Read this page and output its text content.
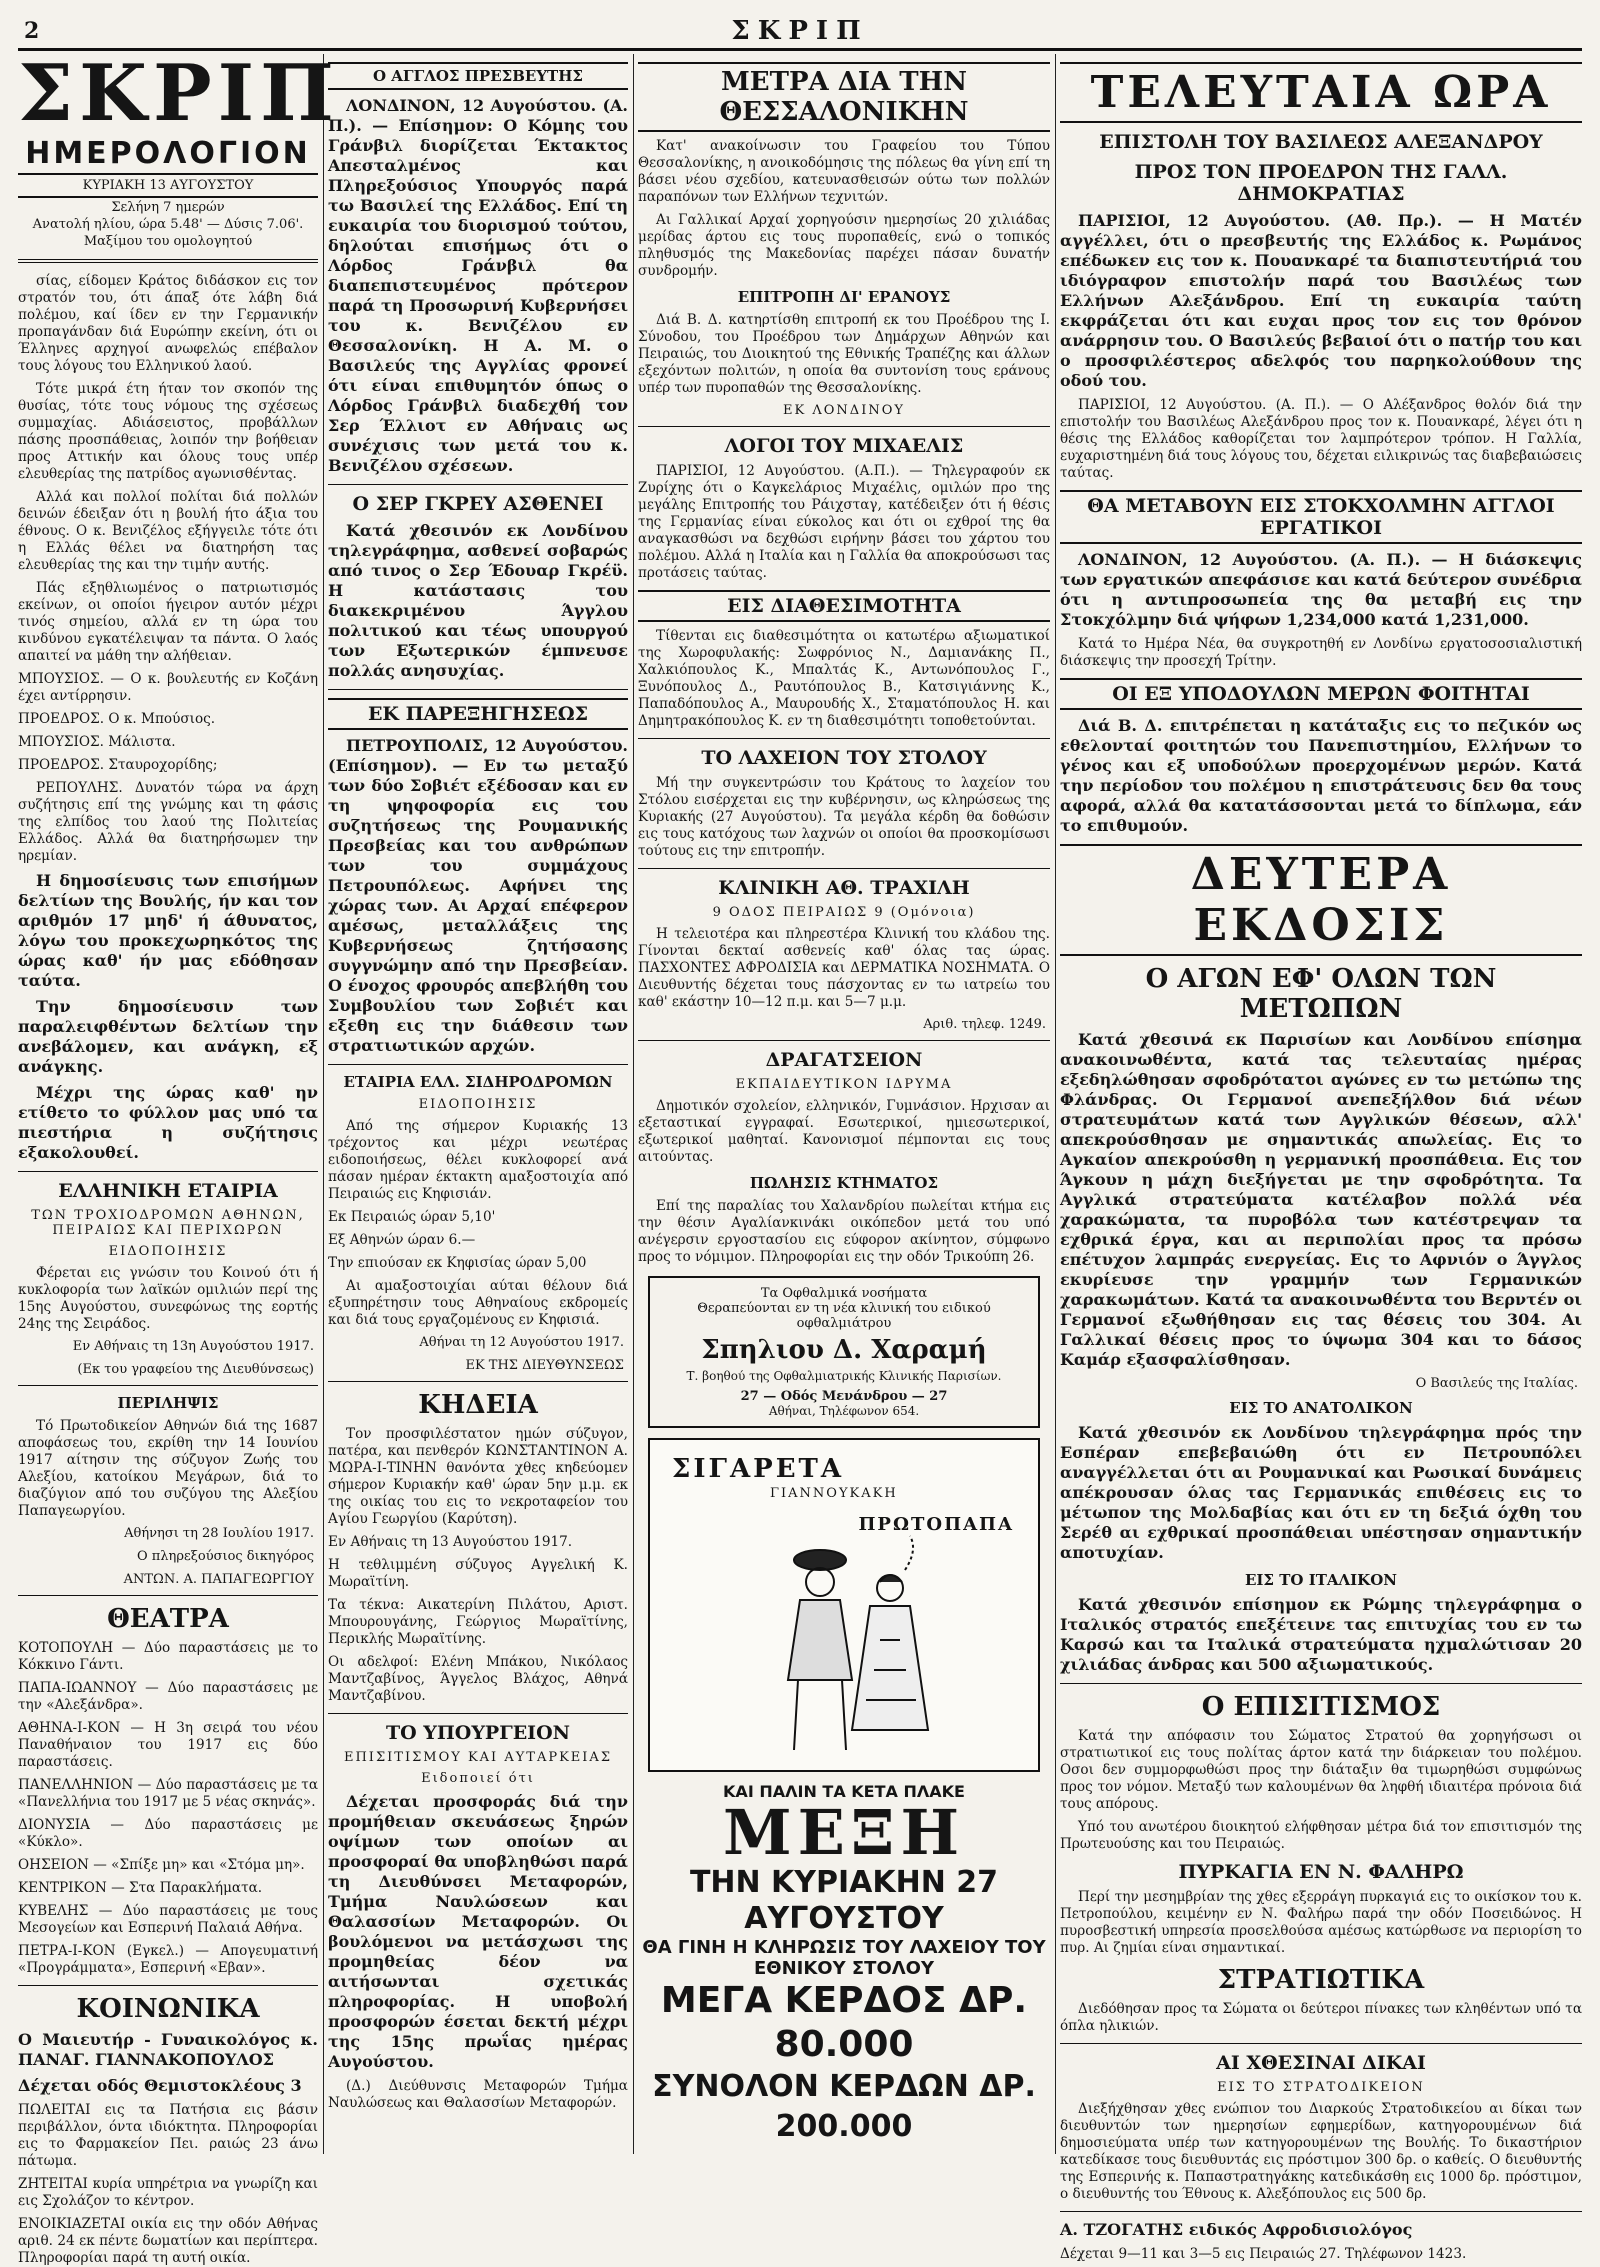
2	ΣΚΡΙΠ
ΣΚΡΙΠ
ΗΜΕΡΟΛΟΓΙΟΝ
ΚΥΡΙΑΚΗ 13 ΑΥΓΟΥΣΤΟΥ
Σελήνη 7 ημερών
Ανατολή ηλίου, ώρα 5.48' — Δύσις 7.06'.
Μαξίμου του ομολογητού

σίας, είδομεν Κράτος διδάσκον εις τον στρατόν του, ότι άπαξ ότε λάβη διά πολέμου, καί ίδεν εν την Γερμανικήν προπαγάνδαν διά Ευρώπην εκείνη, ότι οι Έλληνες αρχηγοί ανωφελώς επέβαλον τους λόγους του Ελληνικού λαού.

Τότε μικρά έτη ήταν τον σκοπόν της θυσίας, τότε τους νόμους της σχέσεως συμμαχίας. Αδιάσειστος, προβάλλων πάσης προσπάθειας, λοιπόν την βοήθειαν προς Αττικήν και όλους τους υπέρ ελευθερίας της πατρίδος αγωνισθέντας.

Αλλά και πολλοί πολίται διά πολλών δεινών έδειξαν ότι η βουλή ήτο άξια του έθνους. Ο κ. Βενιζέλος εξήγγειλε τότε ότι η Ελλάς θέλει να διατηρήση τας ελευθερίας της και την τιμήν αυτής.

Πάς εξηθλιωμένος ο πατριωτισμός εκείνων, οι οποίοι ήγειρον αυτόν μέχρι τινός σημείου, αλλά εν τη ώρα του κινδύνου εγκατέλειψαν τα πάντα. Ο λαός απαιτεί να μάθη την αλήθειαν.

ΜΠΟΥΣΙΟΣ. — Ο κ. βουλευτής εν Κοζάνη έχει αντίρρησιν.

ΠΡΟΕΔΡΟΣ. Ο κ. Μπούσιος.

ΜΠΟΥΣΙΟΣ. Μάλιστα.

ΠΡΟΕΔΡΟΣ. Σταυροχορίδης;

ΡΕΠΟΥΛΗΣ. Δυνατόν τώρα να άρχη συζήτησις επί της γνώμης και τη φάσις της ελπίδος του λαού της Πολιτείας Ελλάδος. Αλλά θα διατηρήσωμεν την ηρεμίαν.

Η δημοσίευσις των επισήμων δελτίων της Βουλής, ήν και τον αριθμόν 17 μηδ' ή άθυνατος, λόγω του προκεχωρηκότος της ώρας καθ' ήν μας εδόθησαν ταύτα.

Την δημοσίευσιν των παραλειφθέντων δελτίων την ανεβάλομεν, και ανάγκη, εξ ανάγκης.

Μέχρι της ώρας καθ' ην ετίθετο το φύλλον μας υπό τα πιεστήρια η συζήτησις εξακολουθεί.

ΕΛΛΗΝΙΚΗ ΕΤΑΙΡΙΑ
ΤΩΝ ΤΡΟΧΙΟΔΡΟΜΩΝ ΑΘΗΝΩΝ, ΠΕΙΡΑΙΩΣ ΚΑΙ ΠΕΡΙΧΩΡΩΝ
ΕΙΔΟΠΟΙΗΣΙΣ

Φέρεται εις γνώσιν του Κοινού ότι ή κυκλοφορία των λαϊκών ομιλιών περί της 15ης Αυγούστου, συνεφώνως της εορτής 24ης της Σειράδος.

Εν Αθήναις τη 13η Αυγούστου 1917.
(Εκ του γραφείου της Διευθύνσεως)
ΠΕΡΙΛΗΨΙΣ

Τό Πρωτοδικείον Αθηνών διά της 1687 αποφάσεως του, εκρίθη την 14 Ιουνίου 1917 αίτησιν της σύζυγον Ζωής του Αλεξίου, κατοίκου Μεγάρων, διά το διαζύγιον από του συζύγου της Αλεξίου Παπαγεωργίου.

Αθήνησι τη 28 Ιουλίου 1917.
Ο πληρεξούσιος δικηγόρος
ΑΝΤΩΝ. Α. ΠΑΠΑΓΕΩΡΓΙΟΥ
ΘΕΑΤΡΑ

ΚΟΤΟΠΟΥΛΗ — Δύο παραστάσεις με το Κόκκινο Γάντι.

ΠΑΠΑ-ΙΩΑΝΝΟΥ — Δύο παραστάσεις με την «Αλεξάνδρα».

ΑΘΗΝΑ-Ι-ΚΟΝ — Η 3η σειρά του νέου Παναθήναιον του 1917 εις δύο παραστάσεις.

ΠΑΝΕΛΛΗΝΙΟΝ — Δύο παραστάσεις με τα «Πανελλήνια του 1917 με 5 νέας σκηνάς».

ΔΙΟΝΥΣΙΑ — Δύο παραστάσεις με «Κύκλο».

ΟΗΣΕΙΟΝ — «Σπίξε μη» και «Στόμα μη».

ΚΕΝΤΡΙΚΟΝ — Στα Παρακλήματα.

ΚΥΒΕΛΗΣ — Δύο παραστάσεις με τους Μεσογείων και Εσπερινή Παλαιά Αθήνα.

ΠΕΤΡΑ-Ι-ΚΟΝ (Εγκελ.) — Απογευματινή «Προγράμματα», Εσπερινή «Εβαν».

ΚΟΙΝΩΝΙΚΑ

Ο Μαιευτήρ - Γυναικολόγος κ. ΠΑΝΑΓ. ΓΙΑΝΝΑΚΟΠΟΥΛΟΣ

Δέχεται οδός Θεμιστοκλέους 3

ΠΩΛΕΙΤΑΙ εις τα Πατήσια εις βάσιν περιβάλλον, όντα ιδιόκτητα. Πληροφορίαι εις το Φαρμακείον Πει. ραιώς 23 άνω πάτωμα.

ΖΗΤΕΙΤΑΙ κυρία υπηρέτρια να γνωρίζη και εις Σχολάζον το κέντρον.

ΕΝΟΙΚΙΑΖΕΤΑΙ οικία εις την οδόν Αθήνας αριθ. 24 εκ πέντε δωματίων και περίπτερα. Πληροφορίαι παρά τη αυτή οικία.

Ο ΑΓΓΛΟΣ ΠΡΕΣΒΕΥΤΗΣ

ΛΟΝΔΙΝΟΝ, 12 Αυγούστου. (Α. Π.). — Επίσημον: Ο Κόμης του Γράνβιλ διορίζεται Έκτακτος Απεσταλμένος και Πληρεξούσιος Υπουργός παρά τω Βασιλεί της Ελλάδος. Επί τη ευκαιρία του διορισμού τούτου, δηλούται επισήμως ότι ο Λόρδος Γράνβιλ θα διαπεπιστευμένος πρότερον παρά τη Προσωρινή Κυβερνήσει του κ. Βενιζέλου εν Θεσσαλονίκη. Η Α. Μ. ο Βασιλεύς της Αγγλίας φρονεί ότι είναι επιθυμητόν όπως ο Λόρδος Γράνβιλ διαδεχθή τον Σερ Έλλιοτ εν Αθήναις ως συνέχισις των μετά του κ. Βενιζέλου σχέσεων.

Ο ΣΕΡ ΓΚΡΕΥ ΑΣΘΕΝΕΙ

Κατά χθεσινόν εκ Λονδίνου τηλεγράφημα, ασθενεί σοβαρώς από τινος ο Σερ Έδουαρ Γκρέϋ. Η κατάστασις του διακεκριμένου Άγγλου πολιτικού και τέως υπουργού των Εξωτερικών έμπνευσε πολλάς ανησυχίας.

ΕΚ ΠΑΡΕΞΗΓΗΣΕΩΣ

ΠΕΤΡΟΥΠΟΛΙΣ, 12 Αυγούστου. (Επίσημον). — Εν τω μεταξύ των δύο Σοβιέτ εξέδοσαν και εν τη ψηφοφορία εις του συζητήσεως της Ρουμανικής Πρεσβείας και του ανθρώπων των του συμμάχους Πετρουπόλεως. Αφήνει της χώρας των. Αι Αρχαί επέφερον αμέσως, μεταλλάξεις της Κυβερνήσεως ζητήσασης συγγνώμην από την Πρεσβείαν. Ο ένοχος φρουρός απεβλήθη του Συμβουλίου των Σοβιέτ και εξεθη εις την διάθεσιν των στρατιωτικών αρχών.

ΕΤΑΙΡΙΑ ΕΛΛ. ΣΙΔΗΡΟΔΡΟΜΩΝ
ΕΙΔΟΠΟΙΗΣΙΣ

Από της σήμερον Κυριακής 13 τρέχοντος και μέχρι νεωτέρας ειδοποιήσεως, θέλει κυκλοφορεί ανά πάσαν ημέραν έκτακτη αμαξοστοιχία από Πειραιώς εις Κηφισιάν.

Εκ Πειραιώς ώραν 5,10'

Εξ Αθηνών ώραν 6.—

Την επιούσαν εκ Κηφισίας ώραν 5,00

Αι αμαξοστοιχίαι αύται θέλουν διά εξυπηρέτησιν τους Αθηναίους εκδρομείς και διά τους εργαζομένους εν Κηφισιά.

Αθήναι τη 12 Αυγούστου 1917.
ΕΚ ΤΗΣ ΔΙΕΥΘΥΝΣΕΩΣ
ΚΗΔΕΙΑ

Τον προσφιλέστατον ημών σύζυγον, πατέρα, και πενθερόν ΚΩΝΣΤΑΝΤΙΝΟΝ Α. ΜΩΡΑ-Ι-ΤΙΝΗΝ θανόντα χθες κηδεύομεν σήμερον Κυριακήν καθ' ώραν 5ην μ.μ. εκ της οικίας του εις το νεκροταφείον του Αγίου Γεωργίου (Καρύτση).

Εν Αθήναις τη 13 Αυγούστου 1917.

Η τεθλιμμένη σύζυγος Αγγελική Κ. Μωραϊτίνη.

Τα τέκνα: Αικατερίνη Πιλάτου, Αριστ. Μπουρουγάνης, Γεώργιος Μωραϊτίνης, Περικλής Μωραϊτίνης.

Οι αδελφοί: Ελένη Μπάκου, Νικόλαος Μαντζαβίνος, Άγγελος Βλάχος, Αθηνά Μαντζαβίνου.

ΤΟ ΥΠΟΥΡΓΕΙΟΝ
ΕΠΙΣΙΤΙΣΜΟΥ ΚΑΙ ΑΥΤΑΡΚΕΙΑΣ
Ειδοποιεί ότι

Δέχεται προσφοράς διά την προμήθειαν σκευάσεως ξηρών οψίμων των οποίων αι προσφοραί θα υποβληθώσι παρά τη Διευθύνσει Μεταφορών, Τμήμα Ναυλώσεων και Θαλασσίων Μεταφορών. Οι βουλόμενοι να μετάσχωσι της προμηθείας δέον να αιτήσωνται σχετικάς πληροφορίας. Η υποβολή προσφορών έσεται δεκτή μέχρι της 15ης πρωΐας ημέρας Αυγούστου.

(Δ.) Διεύθυνσις Μεταφορών Τμήμα Ναυλώσεως και Θαλασσίων Μεταφορών.

ΜΕΤΡΑ ΔΙΑ ΤΗΝ ΘΕΣΣΑΛΟΝΙΚΗΝ

Κατ' ανακοίνωσιν του Γραφείου του Τύπου Θεσσαλονίκης, η ανοικοδόμησις της πόλεως θα γίνη επί τη βάσει νέου σχεδίου, κατευνασθεισών ούτω των πολλών παραπόνων των Ελλήνων τεχνιτών.

Αι Γαλλικαί Αρχαί χορηγούσιν ημερησίως 20 χιλιάδας μερίδας άρτου εις τους πυροπαθείς, ενώ ο τοπικός πληθυσμός της Μακεδονίας παρέχει πάσαν δυνατήν συνδρομήν.

ΕΠΙΤΡΟΠΗ ΔΙ' ΕΡΑΝΟΥΣ

Διά Β. Δ. κατηρτίσθη επιτροπή εκ του Προέδρου της Ι. Σύνοδου, του Προέδρου των Δημάρχων Αθηνών και Πειραιώς, του Διοικητού της Εθνικής Τραπέζης και άλλων εξεχόντων πολιτών, η οποία θα συντονίση τους εράνους υπέρ των πυροπαθών της Θεσσαλονίκης.

ΕΚ ΛΟΝΔΙΝΟΥ
ΛΟΓΟΙ ΤΟΥ ΜΙΧΑΕΛΙΣ

ΠΑΡΙΣΙΟΙ, 12 Αυγούστου. (Α.Π.). — Τηλεγραφούν εκ Ζυρίχης ότι ο Καγκελάριος Μιχαέλις, ομιλών προ της μεγάλης Επιτροπής του Ράιχσταγ, κατέδειξεν ότι ή θέσις της Γερμανίας είναι εύκολος και ότι οι εχθροί της θα αναγκασθώσι να δεχθώσι ειρήνην βάσει του χάρτου του πολέμου. Αλλά η Ιταλία και η Γαλλία θα αποκρούσωσι τας προτάσεις ταύτας.

ΕΙΣ ΔΙΑΘΕΣΙΜΟΤΗΤΑ

Τίθενται εις διαθεσιμότητα οι κατωτέρω αξιωματικοί της Χωροφυλακής: Σωφρόνιος Ν., Δαμιανάκης Π., Χαλκιόπουλος Κ., Μπαλτάς Κ., Αντωνόπουλος Γ., Ξυνόπουλος Δ., Ραυτόπουλος Β., Κατσιγιάννης Κ., Παπαδόπουλος Α., Μαυρουδής Χ., Σταματόπουλος Η. και Δημητρακόπουλος Κ. εν τη διαθεσιμότητι τοποθετούνται.

ΤΟ ΛΑΧΕΙΟΝ ΤΟΥ ΣΤΟΛΟΥ

Μή την συγκεντρώσιν του Κράτους το λαχείον του Στόλου εισέρχεται εις την κυβέρνησιν, ως κληρώσεως της Κυριακής (27 Αυγούστου). Τα μεγάλα κέρδη θα δοθώσιν εις τους κατόχους των λαχνών οι οποίοι θα προσκομίσωσι τούτους εις την επιτροπήν.

ΚΛΙΝΙΚΗ ΑΘ. ΤΡΑΧΙΛΗ
9 ΟΔΟΣ ΠΕΙΡΑΙΩΣ 9 (Ομόνοια)

Η τελειοτέρα και πληρεστέρα Κλινική του κλάδου της. Γίνονται δεκταί ασθενείς καθ' όλας τας ώρας. ΠΑΣΧΟΝΤΕΣ ΑΦΡΟΔΙΣΙΑ και ΔΕΡΜΑΤΙΚΑ ΝΟΣΗΜΑΤΑ. Ο Διευθυντής δέχεται τους πάσχοντας εν τω ιατρείω του καθ' εκάστην 10—12 π.μ. και 5—7 μ.μ.

Αριθ. τηλεφ. 1249.
ΔΡΑΓΑΤΣΕΙΟΝ
ΕΚΠΑΙΔΕΥΤΙΚΟΝ ΙΔΡΥΜΑ

Δημοτικόν σχολείον, ελληνικόν, Γυμνάσιον. Ηρχισαν αι εξεταστικαί εγγραφαί. Εσωτερικοί, ημιεσωτερικοί, εξωτερικοί μαθηταί. Κανονισμοί πέμπονται εις τους αιτούντας.

ΠΩΛΗΣΙΣ ΚΤΗΜΑΤΟΣ

Επί της παραλίας του Χαλανδρίου πωλείται κτήμα εις την θέσιν Αγαλίανκινάκι οικόπεδον μετά του υπό ανέγερσιν εργοστασίου εις εύφορον ακίνητον, σύμφωνο προς το νόμιμον. Πληροφορίαι εις την οδόν Τρικούπη 26.

Τα Οφθαλμικά νοσήματα
Θεραπεύονται εν τη νέα κλινική του ειδικού οφθαλμιάτρου
Σπηλιου Δ. Χαραμή
Τ. βοηθού της Οφθαλμιατρικής Κλινικής Παρισίων.
27 — Οδός Μενάνδρου — 27
Αθήναι, Τηλέφωνον 654.
ΣΙΓΑΡΕΤΑ
ΓΙΑΝΝΟΥΚΑΚΗ
ΠΡΩΤΟΠΑΠΑ
ΚΑΙ ΠΑΛΙΝ ΤΑ ΚΕΤΑ ΠΛΑΚΕ
ΜΕΞΗ
ΤΗΝ ΚΥΡΙΑΚΗΝ 27 ΑΥΓΟΥΣΤΟΥ
ΘΑ ΓΙΝΗ Η ΚΛΗΡΩΣΙΣ ΤΟΥ ΛΑΧΕΙΟΥ ΤΟΥ ΕΘΝΙΚΟΥ ΣΤΟΛΟΥ
ΜΕΓΑ ΚΕΡΔΟΣ ΔΡ. 80.000
ΣΥΝΟΛΟΝ ΚΕΡΔΩΝ ΔΡ. 200.000
ΤΕΛΕΥΤΑΙΑ ΩΡΑ
ΕΠΙΣΤΟΛΗ ΤΟΥ ΒΑΣΙΛΕΩΣ ΑΛΕΞΑΝΔΡΟΥ
ΠΡΟΣ ΤΟΝ ΠΡΟΕΔΡΟΝ ΤΗΣ ΓΑΛΛ. ΔΗΜΟΚΡΑΤΙΑΣ

ΠΑΡΙΣΙΟΙ, 12 Αυγούστου. (Αθ. Πρ.). — Η Ματέν αγγέλλει, ότι ο πρεσβευτής της Ελλάδος κ. Ρωμάνος επέδωκεν εις τον κ. Πουανκαρέ τα διαπιστευτήριά του ιδιόγραφον επιστολήν παρά του Βασιλέως των Ελλήνων Αλεξάνδρου. Επί τη ευκαιρία ταύτη εκφράζεται ότι και ευχαι προς τον εις τον θρόνον ανάρρησιν του. Ο Βασιλεύς βεβαιοί ότι ο πατήρ του και ο προσφιλέστερος αδελφός του παρηκολούθουν της οδού του.

ΠΑΡΙΣΙΟΙ, 12 Αυγούστου. (Α. Π.). — Ο Αλέξανδρος θολόν διά την επιστολήν του Βασιλέως Αλεξάνδρου προς τον κ. Πουανκαρέ, λέγει ότι η θέσις της Ελλάδος καθορίζεται τον λαμπρότερον τρόπον. Η Γαλλία, ευχαριστημένη διά τους λόγους του, δέχεται ειλικρινώς τας διαβεβαιώσεις ταύτας.

ΘΑ ΜΕΤΑΒΟΥΝ ΕΙΣ ΣΤΟΚΧΟΛΜΗΝ ΑΓΓΛΟΙ ΕΡΓΑΤΙΚΟΙ

ΛΟΝΔΙΝΟΝ, 12 Αυγούστου. (Α. Π.). — Η διάσκεψις των εργατικών απεφάσισε και κατά δεύτερον συνέδρια ότι η αντιπροσωπεία της θα μεταβή εις την Στοκχόλμην διά ψήφων 1,234,000 κατά 1,231,000.

Κατά το Ημέρα Νέα, θα συγκροτηθή εν Λονδίνω εργατοσοσιαλιστική διάσκεψις την προσεχή Τρίτην.

ΟΙ ΕΞ ΥΠΟΔΟΥΛΩΝ ΜΕΡΩΝ ΦΟΙΤΗΤΑΙ

Διά Β. Δ. επιτρέπεται η κατάταξις εις το πεζικόν ως εθελονταί φοιτητών του Πανεπιστημίου, Ελλήνων το γένος και εξ υποδούλων προερχομένων μερών. Κατά την περίοδον του πολέμου η επιστράτευσις δεν θα τους αφορά, αλλά θα κατατάσσονται μετά το δίπλωμα, εάν το επιθυμούν.

ΔΕΥΤΕΡΑ ΕΚΔΟΣΙΣ
Ο ΑΓΩΝ ΕΦ' ΟΛΩΝ ΤΩΝ ΜΕΤΩΠΩΝ

Κατά χθεσινά εκ Παρισίων και Λονδίνου επίσημα ανακοινωθέντα, κατά τας τελευταίας ημέρας εξεδηλώθησαν σφοδρότατοι αγώνες εν τω μετώπω της Φλάνδρας. Οι Γερμανοί ανεπεξήλθον διά νέων στρατευμάτων κατά των Αγγλικών θέσεων, αλλ' απεκρούσθησαν με σημαντικάς απωλείας. Εις το Αγκαίον απεκρούσθη η γερμανική προσπάθεια. Εις τον Άγκουν η μάχη διεξήγεται με την σφοδρότητα. Τα Αγγλικά στρατεύματα κατέλαβον πολλά νέα χαρακώματα, τα πυροβόλα των κατέστρεψαν τα εχθρικά έργα, και αι περιπολίαι προς τα πρόσω επέτυχον λαμπράς ενεργείας. Εις το Αφνιόν ο Άγγλος εκυρίευσε την γραμμήν των Γερμανικών χαρακωμάτων. Κατά τα ανακοινωθέντα του Βερντέν οι Γερμανοί εξωθήθησαν εις τας θέσεις του 304. Αι Γαλλικαί θέσεις προς το ύψωμα 304 και το δάσος Καμάρ εξασφαλίσθησαν.

Ο Βασιλεύς της Ιταλίας.
ΕΙΣ ΤΟ ΑΝΑΤΟΛΙΚΟΝ

Κατά χθεσινόν εκ Λονδίνου τηλεγράφημα πρός την Εσπέραν επεβεβαιώθη ότι εν Πετρουπόλει αναγγέλλεται ότι αι Ρουμανικαί και Ρωσικαί δυνάμεις απέκρουσαν όλας τας Γερμανικάς επιθέσεις εις το μέτωπον της Μολδαβίας και ότι εν τη δεξιά όχθη του Σερέθ αι εχθρικαί προσπάθειαι υπέστησαν σημαντικήν αποτυχίαν.

ΕΙΣ ΤΟ ΙΤΑΛΙΚΟΝ

Κατά χθεσινόν επίσημον εκ Ρώμης τηλεγράφημα ο Ιταλικός στρατός επεξέτεινε τας επιτυχίας του εν τω Καρσώ και τα Ιταλικά στρατεύματα ηχμαλώτισαν 20 χιλιάδας άνδρας και 500 αξιωματικούς.

Ο ΕΠΙΣΙΤΙΣΜΟΣ

Κατά την απόφασιν του Σώματος Στρατού θα χορηγήσωσι οι στρατιωτικοί εις τους πολίτας άρτον κατά την διάρκειαν του πολέμου. Οσοι δεν συμμορφωθώσι προς την διάταξιν θα τιμωρηθώσι συμφώνως προς τον νόμον. Μεταξύ των καλουμένων θα ληφθή ιδιαιτέρα πρόνοια διά τους απόρους.

Υπό του ανωτέρου διοικητού ελήφθησαν μέτρα διά τον επισιτισμόν της Πρωτευούσης και του Πειραιώς.

ΠΥΡΚΑΓΙΑ ΕΝ Ν. ΦΑΛΗΡΩ

Περί την μεσημβρίαν της χθες εξερράγη πυρκαγιά εις το οικίσκον του κ. Πετροπούλου, κειμένην εν Ν. Φαλήρω παρά την οδόν Ποσειδώνος. Η πυροσβεστική υπηρεσία προσελθούσα αμέσως κατώρθωσε να περιορίση το πυρ. Αι ζημίαι είναι σημαντικαί.

ΣΤΡΑΤΙΩΤΙΚΑ

Διεδόθησαν προς τα Σώματα οι δεύτεροι πίνακες των κληθέντων υπό τα όπλα ηλικιών.

ΑΙ ΧΘΕΣΙΝΑΙ ΔΙΚΑΙ
ΕΙΣ ΤΟ ΣΤΡΑΤΟΔΙΚΕΙΟΝ

Διεξήχθησαν χθες ενώπιον του Διαρκούς Στρατοδικείου αι δίκαι των διευθυντών των ημερησίων εφημερίδων, κατηγορουμένων διά δημοσιεύματα υπέρ των κατηγορουμένων της Βουλής. Το δικαστήριον κατεδίκασε τους διευθυντάς εις πρόστιμον 300 δρ. ο καθείς. Ο διευθυντής της Εσπερινής κ. Παπαστρατηγάκης κατεδικάσθη εις 1000 δρ. πρόστιμον, ο διευθυντής του Έθνους κ. Αλεξόπουλος εις 500 δρ.

Α. ΤΖΟΓΑΤΗΣ ειδικός Αφροδισιολόγος

Δέχεται 9—11 και 3—5 εις Πειραιώς 27. Τηλέφωνον 1423.
